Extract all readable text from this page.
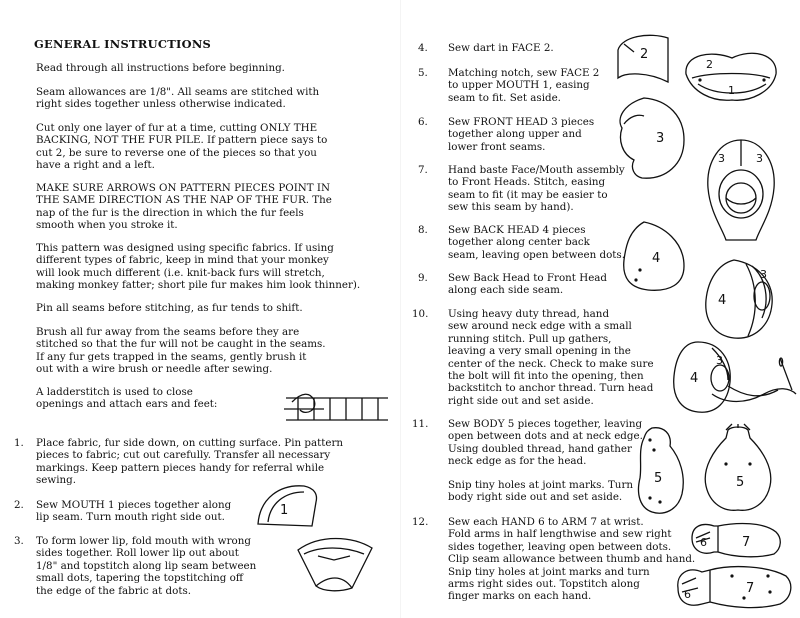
GENERAL INSTRUCTIONS
Read through all instructions before beginning.
Seam allowances are 1/8". All seams are stitched with
right sides together unless otherwise indicated.
Cut only one layer of fur at a time, cutting ONLY THE
BACKING, NOT THE FUR PILE. If pattern piece says to
cut 2, be sure to reverse one of the pieces so that you
have a right and a left.
MAKE SURE ARROWS ON PATTERN PIECES POINT IN
THE SAME DIRECTION AS THE NAP OF THE FUR. The
nap of the fur is the direction in which the fur feels
smooth when you stroke it.
This pattern was designed using specific fabrics. If using
different types of fabric, keep in mind that your monkey
will look much different (i.e. knit-back furs will stretch,
making monkey fatter; short pile fur makes him look thinner).
Pin all seams before stitching, as fur tends to shift.
Brush all fur away from the seams before they are
stitched so that the fur will not be caught in the seams.
If any fur gets trapped in the seams, gently brush it
out with a wire brush or needle after sewing.
A ladderstitch is used to close
openings and attach ears and feet:
1. Place fabric, fur side down, on cutting surface. Pin pattern
pieces to fabric; cut out carefully. Transfer all necessary
markings. Keep pattern pieces handy for referral while
sewing.
2. Sew MOUTH 1 pieces together along
lip seam. Turn mouth right side out.	1
3. To form lower lip, fold mouth with wrong
sides together. Roll lower lip out about
1/8" and topstitch along lip seam between
small dots, tapering the topstitching off
the edge of the fabric at dots.
4. Sew dart in FACE 2.
5. Matching notch, sew FACE 2
to upper MOUTH 1, easing
seam to fit. Set aside.
6. Sew FRONT HEAD 3 pieces
together along upper and
lower front seams.
7. Hand baste Face/Mouth assembly
to Front Heads. Stitch, easing
seam to fit (it may be easier to
sew this seam by hand).
8. Sew BACK HEAD 4 pieces
together along center back
seam, leaving open between dots.
9. Sew Back Head to Front Head
along each side seam.
10. Using heavy duty thread, hand
sew around neck edge with a small
running stitch. Pull up gathers,
leaving a very small opening in the
center of the neck. Check to make sure
the bolt will fit into the opening, then
backstitch to anchor thread. Turn head
right side out and set aside.
11. Sew BODY 5 pieces together, leaving
open between dots and at neck edge.
Using doubled thread, hand gather
neck edge as for the head.
Snip tiny holes at joint marks. Turn
body right side out and set aside.
12. Sew each HAND 6 to ARM 7 at wrist.
Fold arms in half lengthwise and sew right
sides together, leaving open between dots.
Clip seam allowance between thumb and hand.
Snip tiny holes at joint marks and turn
arms right sides out. Topstitch along
finger marks on each hand.
2
2
1
3
3	3
4
4
3
4
3
5	5
6	7
6	7
